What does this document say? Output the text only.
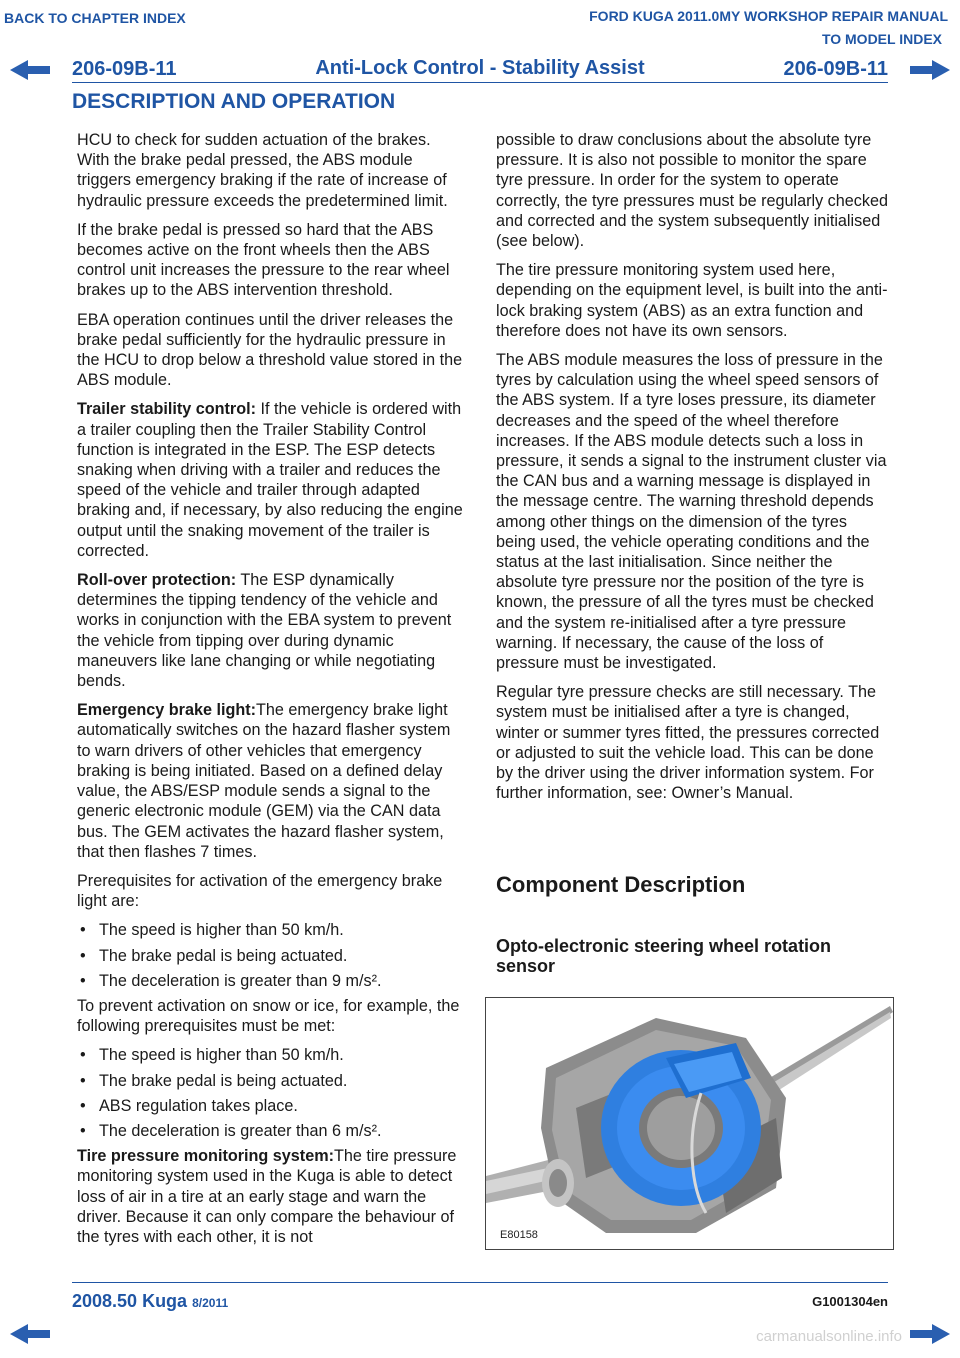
BACK TO CHAPTER INDEX	FORD KUGA 2011.0MY WORKSHOP REPAIR MANUAL
TO MODEL INDEX
206-09B-11	Anti-Lock Control - Stability Assist	206-09B-11
DESCRIPTION AND OPERATION

HCU to check for sudden actuation of the brakes. With the brake pedal pressed, the ABS module triggers emergency braking if the rate of increase of hydraulic pressure exceeds the predetermined limit.

If the brake pedal is pressed so hard that the ABS becomes active on the front wheels then the ABS control unit increases the pressure to the rear wheel brakes up to the ABS intervention threshold.

EBA operation continues until the driver releases the brake pedal sufficiently for the hydraulic pressure in the HCU to drop below a threshold value stored in the ABS module.

Trailer stability control: If the vehicle is ordered with a trailer coupling then the Trailer Stability Control function is integrated in the ESP. The ESP detects snaking when driving with a trailer and reduces the speed of the vehicle and trailer through adapted braking and, if necessary, by also reducing the engine output until the snaking movement of the trailer is corrected.

Roll-over protection: The ESP dynamically determines the tipping tendency of the vehicle and works in conjunction with the EBA system to prevent the vehicle from tipping over during dynamic maneuvers like lane changing or while negotiating bends.

Emergency brake light:The emergency brake light automatically switches on the hazard flasher system to warn drivers of other vehicles that emergency braking is being initiated. Based on a defined delay value, the ABS/ESP module sends a signal to the generic electronic module (GEM) via the CAN data bus. The GEM activates the hazard flasher system, that then flashes 7 times.

Prerequisites for activation of the emergency brake light are:

• The speed is higher than 50 km/h.
• The brake pedal is being actuated.
• The deceleration is greater than 9 m/s².

To prevent activation on snow or ice, for example, the following prerequisites must be met:

• The speed is higher than 50 km/h.
• The brake pedal is being actuated.
• ABS regulation takes place.
• The deceleration is greater than 6 m/s².

Tire pressure monitoring system:The tire pressure monitoring system used in the Kuga is able to detect loss of air in a tire at an early stage and warn the driver. Because it can only compare the behaviour of the tyres with each other, it is not

possible to draw conclusions about the absolute tyre pressure. It is also not possible to monitor the spare tyre pressure. In order for the system to operate correctly, the tyre pressures must be regularly checked and corrected and the system subsequently initialised (see below).

The tire pressure monitoring system used here, depending on the equipment level, is built into the anti-lock braking system (ABS) as an extra function and therefore does not have its own sensors.

The ABS module measures the loss of pressure in the tyres by calculation using the wheel speed sensors of the ABS system. If a tyre loses pressure, its diameter decreases and the speed of the wheel therefore increases. If the ABS module detects such a loss in pressure, it sends a signal to the instrument cluster via the CAN bus and a warning message is displayed in the message centre. The warning threshold depends among other things on the dimension of the tyres being used, the vehicle operating conditions and the status at the last initialisation. Since neither the absolute tyre pressure nor the position of the tyre is known, the pressure of all the tyres must be checked and the system re-initialised after a tyre pressure warning. If necessary, the cause of the loss of pressure must be investigated.

Regular tyre pressure checks are still necessary. The system must be initialised after a tyre is changed, winter or summer tyres fitted, the pressures corrected or adjusted to suit the vehicle load. This can be done by the driver using the driver information system. For further information, see: Owner’s Manual.

Component Description
Opto-electronic steering wheel rotation sensor
E80158
2008.50 Kuga 8/2011	G1001304en
carmanualsonline.info
